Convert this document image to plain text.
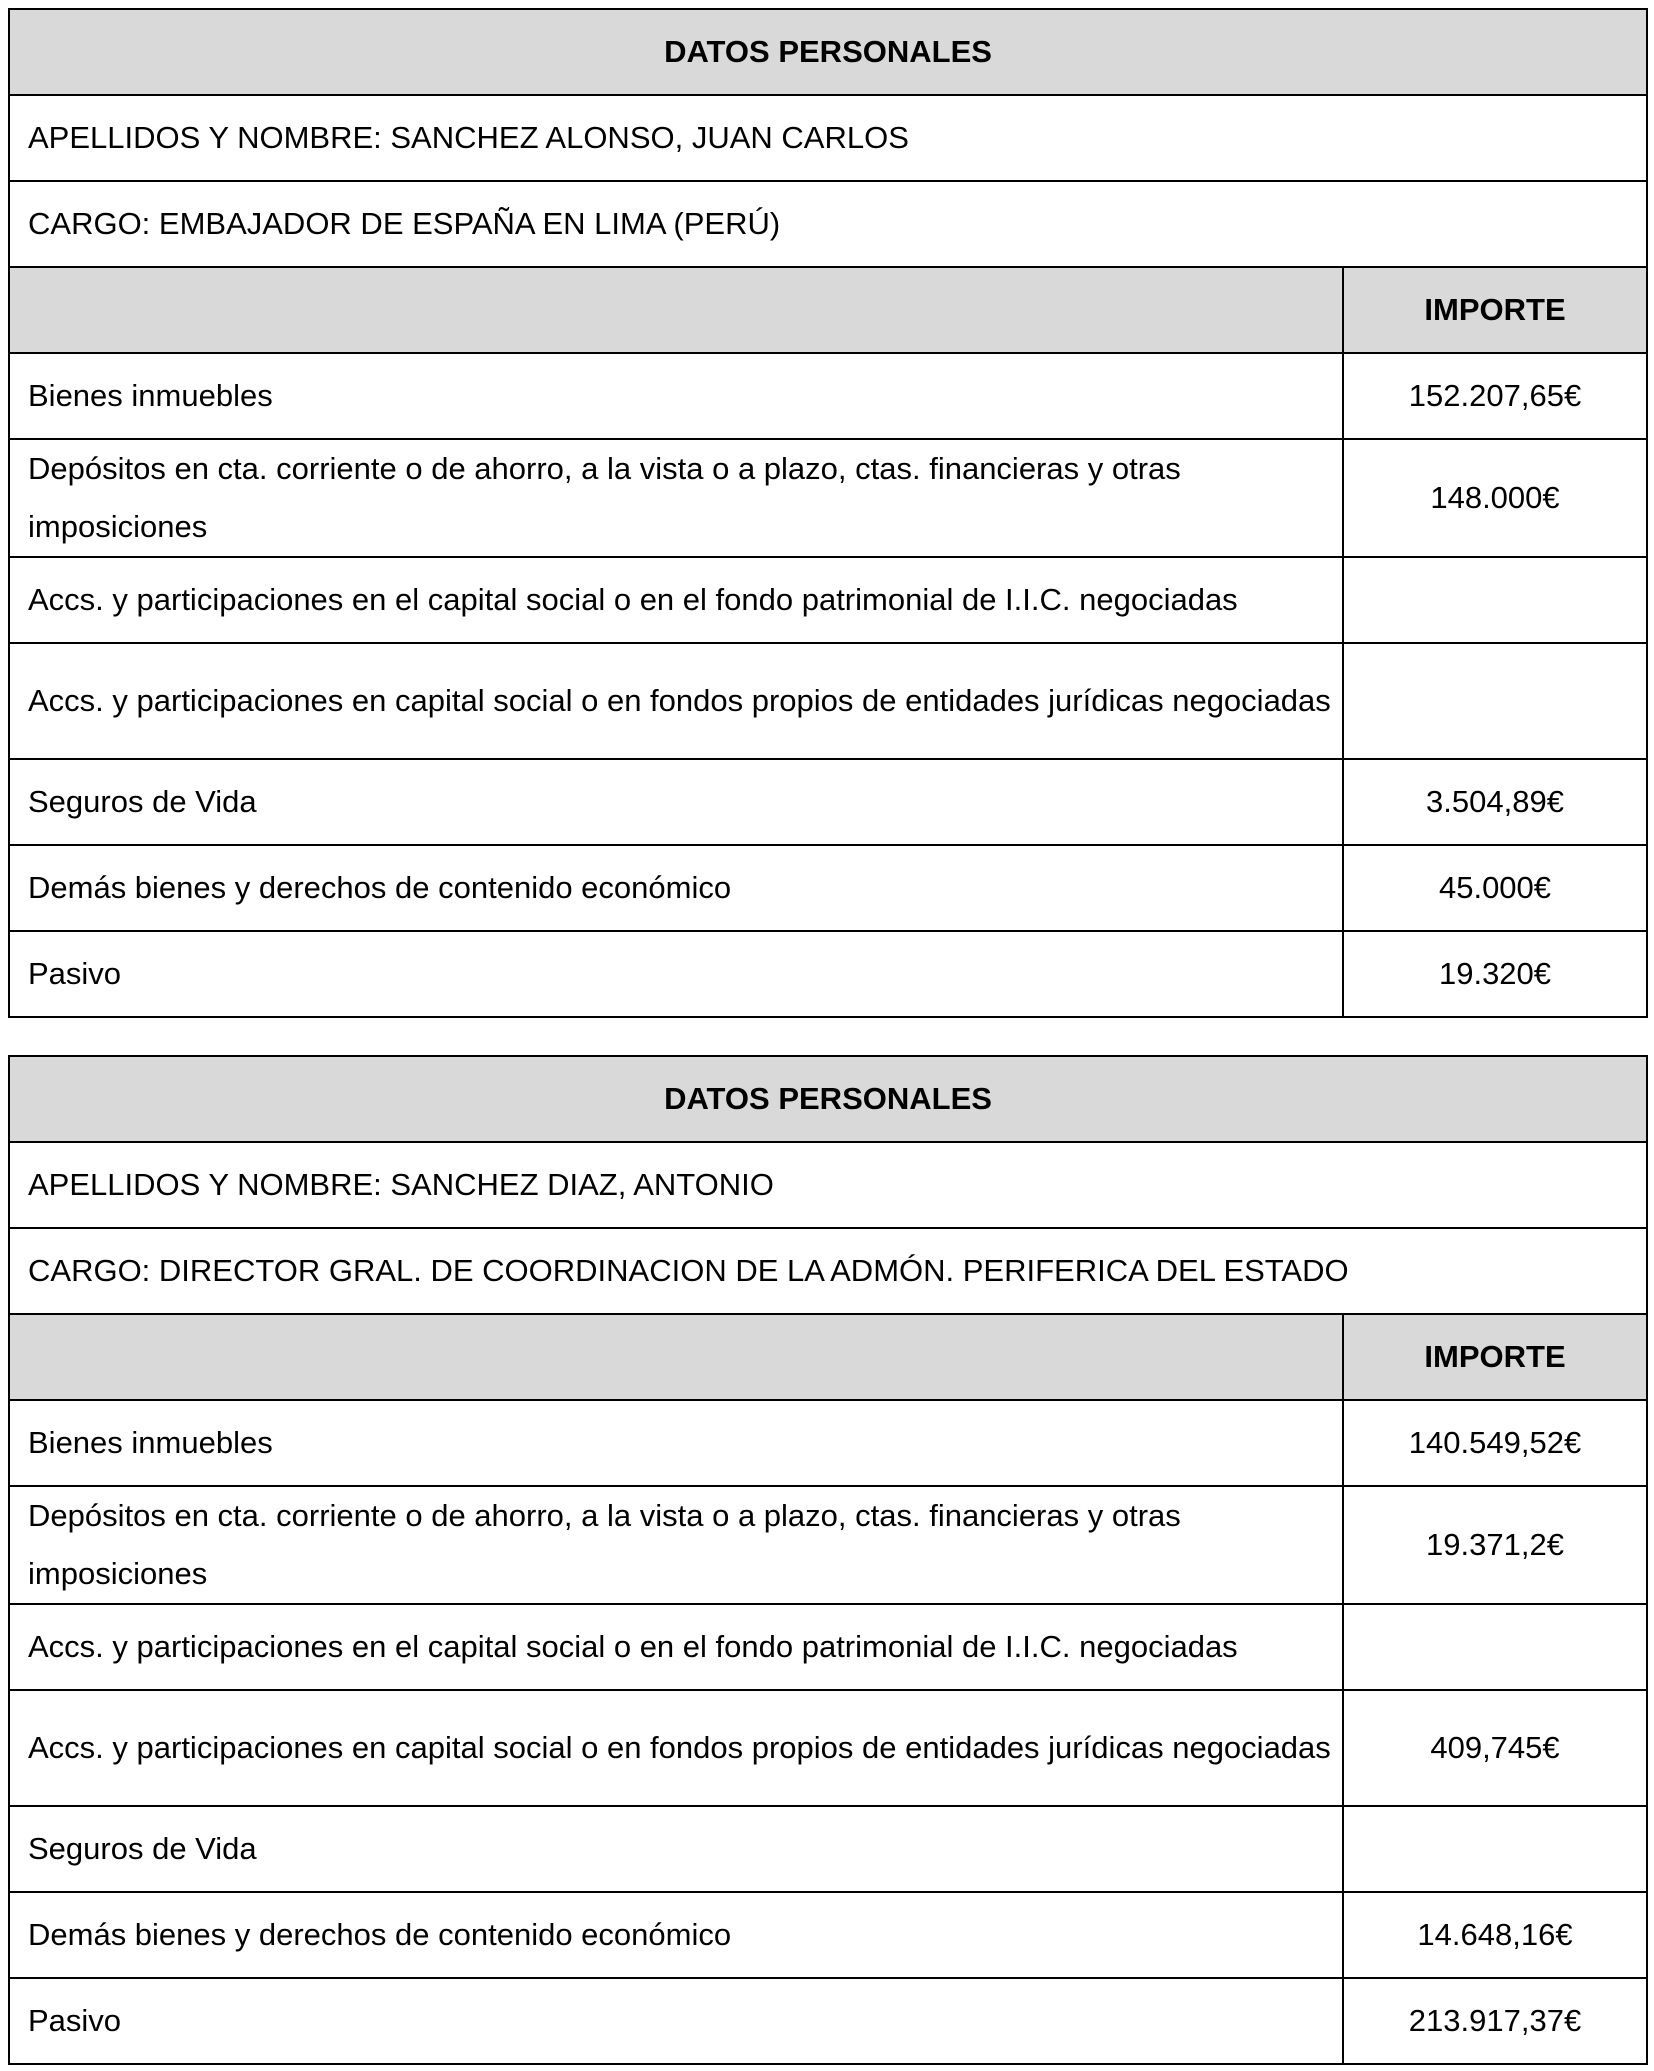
DATOS PERSONALES	
APELLIDOS Y NOMBRE: SANCHEZ ALONSO, JUAN CARLOS	
CARGO: EMBAJADOR DE ESPAÑA EN LIMA (PERÚ)	
	IMPORTE
Bienes inmuebles	152.207,65€
Depósitos en cta. corriente o de ahorro, a la vista o a plazo, ctas. financieras y otras imposiciones	148.000€
Accs. y participaciones en el capital social o en el fondo patrimonial de I.I.C. negociadas	
Accs. y participaciones en capital social o en fondos propios de entidades jurídicas negociadas	
Seguros de Vida	3.504,89€
Demás bienes y derechos de contenido económico	45.000€
Pasivo	19.320€
DATOS PERSONALES	
APELLIDOS Y NOMBRE: SANCHEZ DIAZ, ANTONIO	
CARGO: DIRECTOR GRAL. DE COORDINACION DE LA ADMÓN. PERIFERICA DEL ESTADO	
	IMPORTE
Bienes inmuebles	140.549,52€
Depósitos en cta. corriente o de ahorro, a la vista o a plazo, ctas. financieras y otras imposiciones	19.371,2€
Accs. y participaciones en el capital social o en el fondo patrimonial de I.I.C. negociadas	
Accs. y participaciones en capital social o en fondos propios de entidades jurídicas negociadas	409,745€
Seguros de Vida	
Demás bienes y derechos de contenido económico	14.648,16€
Pasivo	213.917,37€
